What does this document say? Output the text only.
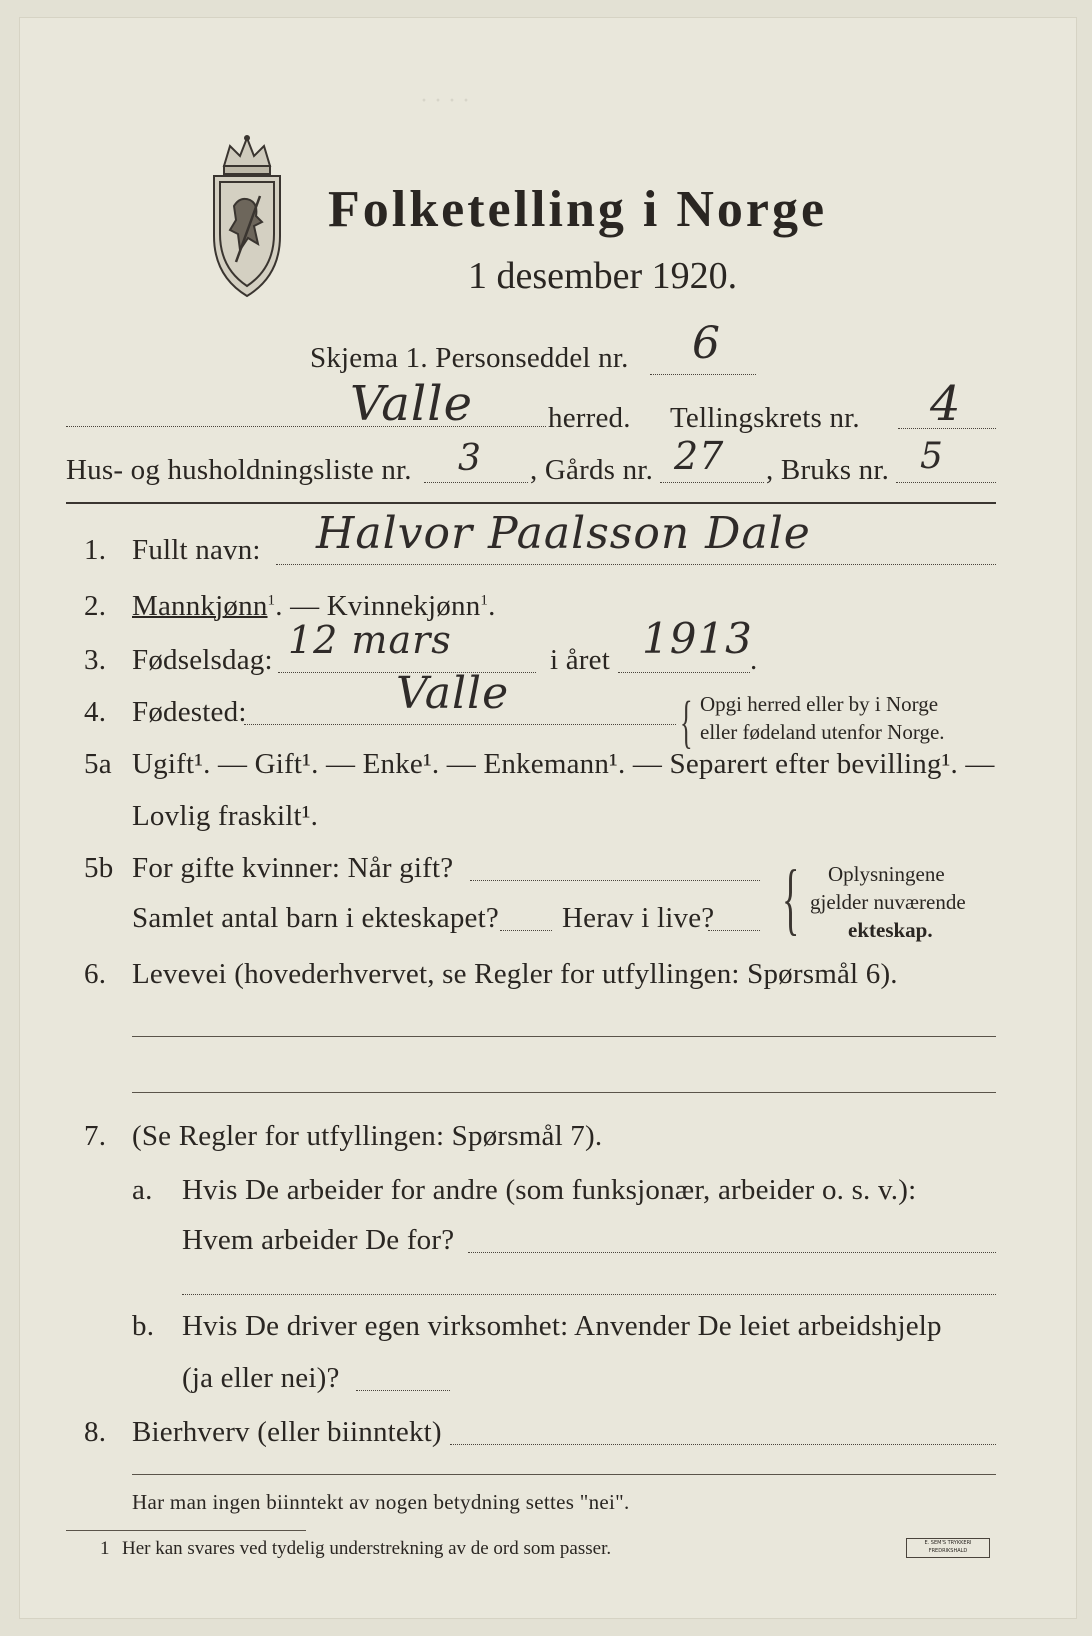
· · · ·
Folketelling i Norge
1 desember 1920.
Skjema 1. Personseddel nr. 6
Valle	herred. Tellingskrets nr. 4
Hus- og husholdningsliste nr. 3 , Gårds nr. 27 , Bruks nr. 5
1. Fullt navn: Halvor Paalsson Dale
2. Mannkjønn$^1$. — Kvinnekjønn$^1$.
3. Fødselsdag: 12 mars	i året 1913
.
4. Fødested:	Valle	{ Opgi herred eller by i Norge
eller fødeland utenfor Norge.
5a Ugift¹. — Gift¹. — Enke¹. — Enkemann¹. — Separert efter bevilling¹. —
Lovlig fraskilt¹.
5b For gifte kvinner: Når gift?
Samlet antal barn i ekteskapet? Herav i live? { Oplysningene
gjelder nuværende
ekteskap.
6. Levevei (hovederhvervet, se Regler for utfyllingen: Spørsmål 6).
7. (Se Regler for utfyllingen: Spørsmål 7).
a. Hvis De arbeider for andre (som funksjonær, arbeider o. s. v.):
Hvem arbeider De for?
b. Hvis De driver egen virksomhet: Anvender De leiet arbeidshjelp
(ja eller nei)?
8. Bierhverv (eller biinntekt)
Har man ingen biinntekt av nogen betydning settes "nei".
1 Her kan svares ved tydelig understrekning av de ord som passer.	E. SEM'S TRYKKERI FREDRIKSHALD
